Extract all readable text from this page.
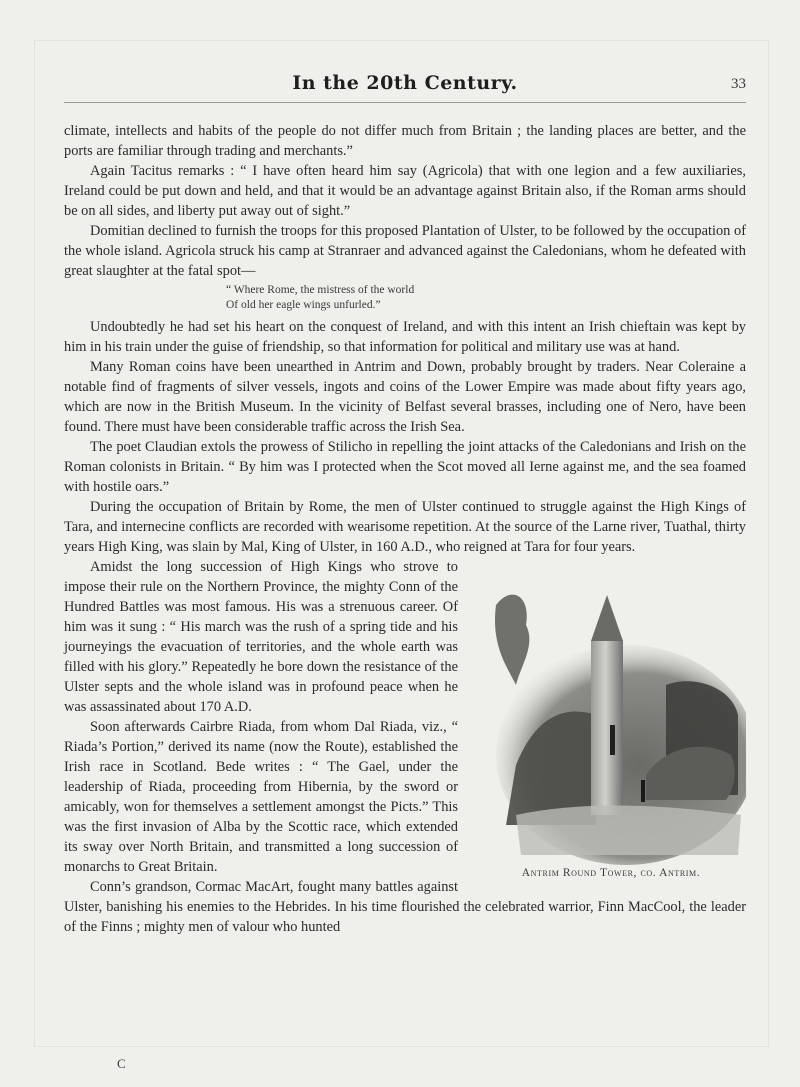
In the 20th Century.	33

climate, intellects and habits of the people do not differ much from Britain ; the landing places are better, and the ports are familiar through trading and merchants.”

Again Tacitus remarks : “ I have often heard him say (Agricola) that with one legion and a few auxiliaries, Ireland could be put down and held, and that it would be an advantage against Britain also, if the Roman arms should be on all sides, and liberty put away out of sight.”

Domitian declined to furnish the troops for this proposed Plantation of Ulster, to be followed by the occupation of the whole island. Agricola struck his camp at Stranraer and advanced against the Caledonians, whom he defeated with great slaughter at the fatal spot—

“ Where Rome, the mistress of the world
Of old her eagle wings unfurled.”

Undoubtedly he had set his heart on the conquest of Ireland, and with this intent an Irish chieftain was kept by him in his train under the guise of friendship, so that information for political and military use was at hand.

Many Roman coins have been unearthed in Antrim and Down, probably brought by traders. Near Coleraine a notable find of fragments of silver vessels, ingots and coins of the Lower Empire was made about fifty years ago, which are now in the British Museum. In the vicinity of Belfast several brasses, including one of Nero, have been found. There must have been considerable traffic across the Irish Sea.

The poet Claudian extols the prowess of Stilicho in repelling the joint attacks of the Caledonians and Irish on the Roman colonists in Britain. “ By him was I protected when the Scot moved all Ierne against me, and the sea foamed with hostile oars.”

During the occupation of Britain by Rome, the men of Ulster continued to struggle against the High Kings of Tara, and internecine conflicts are recorded with wearisome repetition. At the source of the Larne river, Tuathal, thirty years High King, was slain by Mal, King of Ulster, in 160 A.D., who reigned at Tara for four years.

Antrim Round Tower, co. Antrim.

Amidst the long succession of High Kings who strove to impose their rule on the Northern Province, the mighty Conn of the Hundred Battles was most famous. His was a strenuous career. Of him was it sung : “ His march was the rush of a spring tide and his journeyings the evacuation of territories, and the whole earth was filled with his glory.” Repeatedly he bore down the resistance of the Ulster septs and the whole island was in profound peace when he was assassinated about 170 A.D.

Soon afterwards Cairbre Riada, from whom Dal Riada, viz., “ Riada’s Portion,” derived its name (now the Route), established the Irish race in Scotland. Bede writes : “ The Gael, under the leadership of Riada, proceeding from Hibernia, by the sword or amicably, won for themselves a settlement amongst the Picts.” This was the first invasion of Alba by the Scottic race, which extended its sway over North Britain, and transmitted a long succession of monarchs to Great Britain.

Conn’s grandson, Cormac MacArt, fought many battles against Ulster, banishing his enemies to the Hebrides. In his time flourished the celebrated warrior, Finn MacCool, the leader of the Finns ; mighty men of valour who hunted

C
